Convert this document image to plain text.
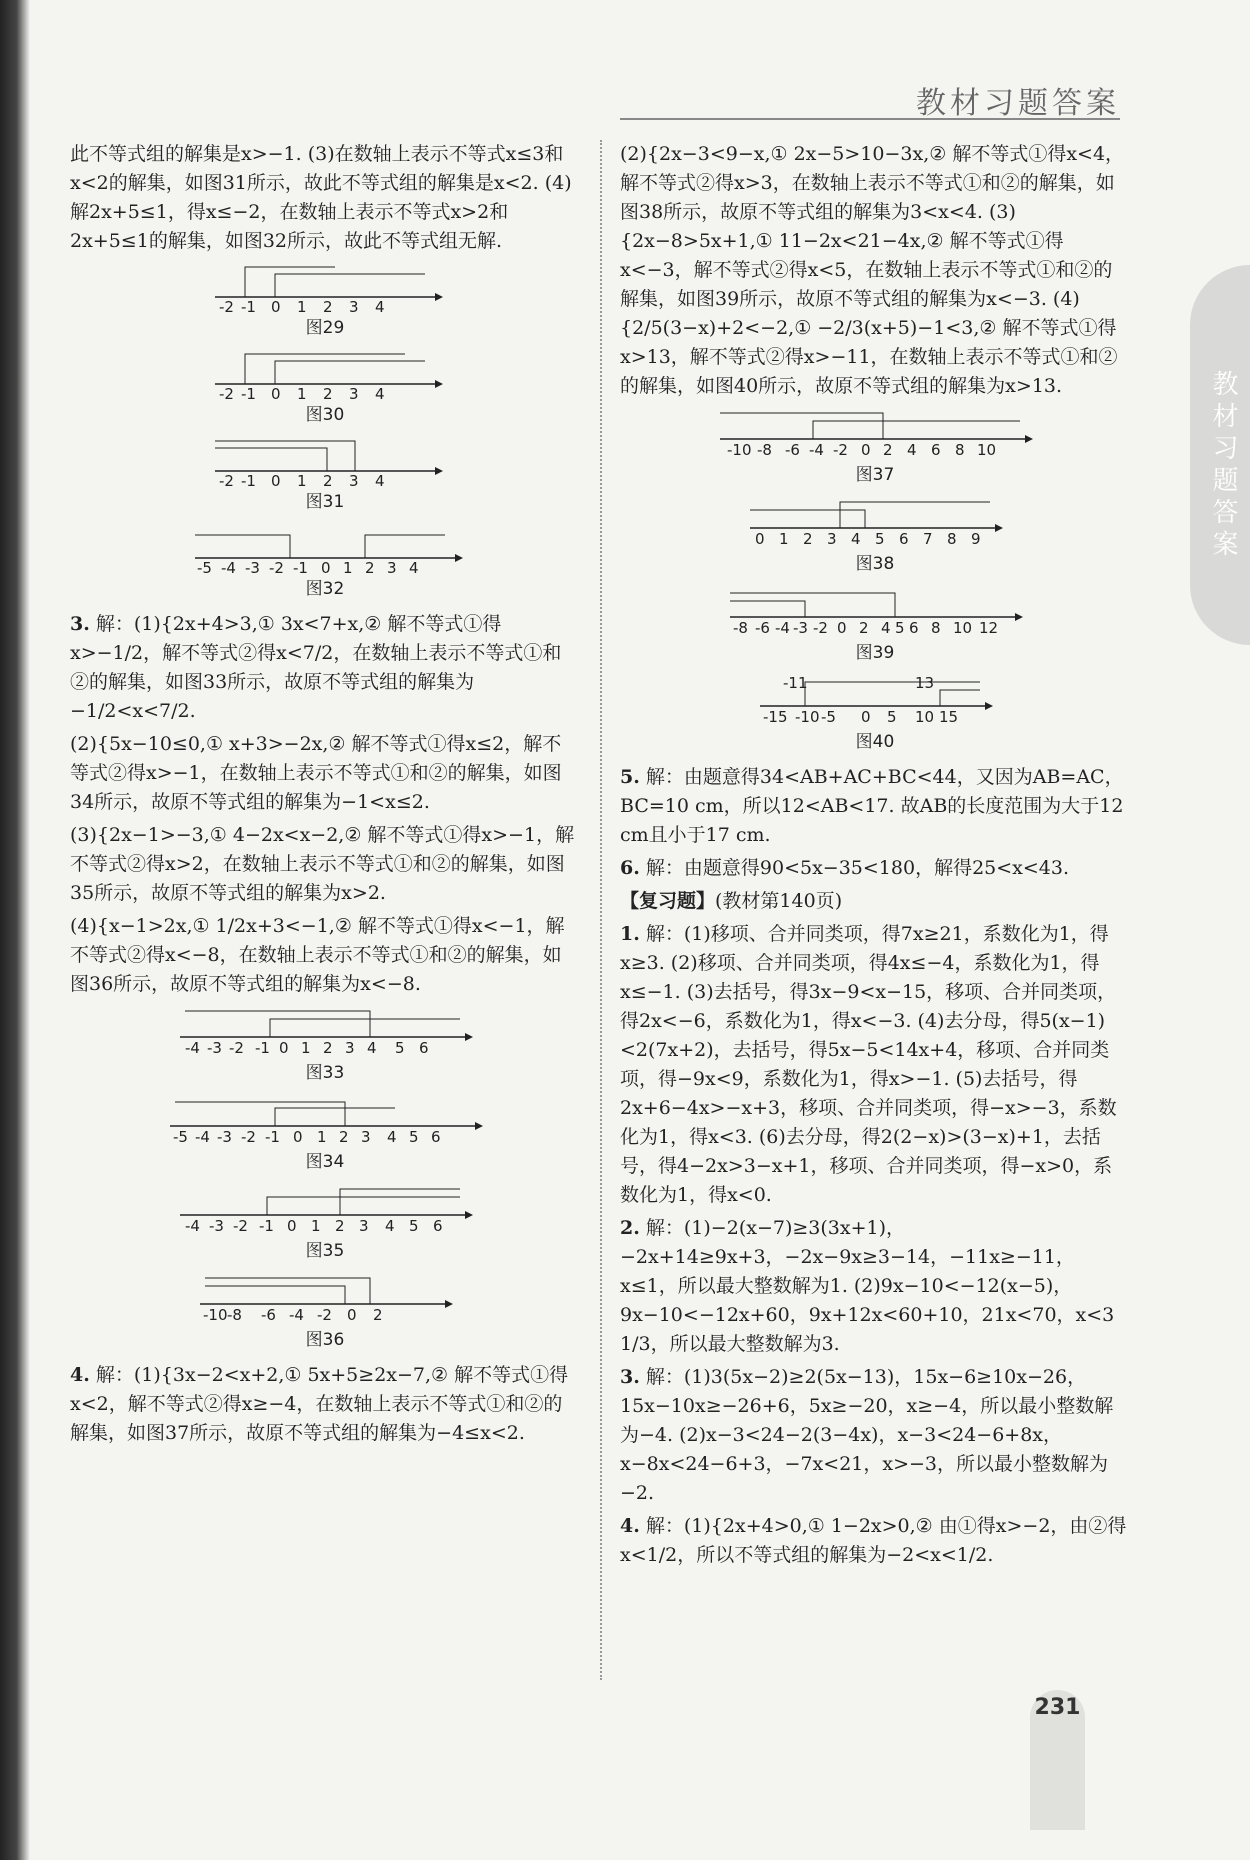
教材习题答案
教材习题答案

此不等式组的解集是x>−1. (3)在数轴上表示不等式x≤3和x<2的解集，如图31所示，故此不等式组的解集是x<2. (4)解2x+5≤1，得x≤−2，在数轴上表示不等式x>2和2x+5≤1的解集，如图32所示，故此不等式组无解.

-2 -1 0 1 2 3 4
图29
-2 -1 0 1 2 3 4
图30
-2 -1 0 1 2 3 4
图31
-5 -4 -3 -2 -1 0 1 2 3 4
图32

3. 解：(1){2x+4>3,① 3x<7+x,② 解不等式①得x>−1/2，解不等式②得x<7/2，在数轴上表示不等式①和②的解集，如图33所示，故原不等式组的解集为−1/2<x<7/2.

(2){5x−10≤0,① x+3>−2x,② 解不等式①得x≤2，解不等式②得x>−1，在数轴上表示不等式①和②的解集，如图34所示，故原不等式组的解集为−1<x≤2.

(3){2x−1>−3,① 4−2x<x−2,② 解不等式①得x>−1，解不等式②得x>2，在数轴上表示不等式①和②的解集，如图35所示，故原不等式组的解集为x>2.

(4){x−1>2x,① 1/2x+3<−1,② 解不等式①得x<−1，解不等式②得x<−8，在数轴上表示不等式①和②的解集，如图36所示，故原不等式组的解集为x<−8.

-4 -3 -2 -1 0 1 2 3 4 5 6
图33
-5 -4 -3 -2 -1 0 1 2 3 4 5 6
图34
-4 -3 -2 -1 0 1 2 3 4 5 6
图35
-10 -8 -6 -4 -2 0 2
图36

4. 解：(1){3x−2<x+2,① 5x+5≥2x−7,② 解不等式①得x<2，解不等式②得x≥−4，在数轴上表示不等式①和②的解集，如图37所示，故原不等式组的解集为−4≤x<2.

(2){2x−3<9−x,① 2x−5>10−3x,② 解不等式①得x<4，解不等式②得x>3，在数轴上表示不等式①和②的解集，如图38所示，故原不等式组的解集为3<x<4. (3){2x−8>5x+1,① 11−2x<21−4x,② 解不等式①得x<−3，解不等式②得x<5，在数轴上表示不等式①和②的解集，如图39所示，故原不等式组的解集为x<−3. (4){2/5(3−x)+2<−2,① −2/3(x+5)−1<3,② 解不等式①得x>13，解不等式②得x>−11，在数轴上表示不等式①和②的解集，如图40所示，故原不等式组的解集为x>13.

-10 -8 -6 -4 -2 0 2 4 6 8 10
图37
0 1 2 3 4 5 6 7 8 9
图38
-8 -6 -4 -3 -2 0 2 4 5 6 8 10 12
图39
-11	13
-15 -10 -5 0 5 10 15
图40

5. 解：由题意得34<AB+AC+BC<44，又因为AB=AC，BC=10 cm，所以12<AB<17. 故AB的长度范围为大于12 cm且小于17 cm.

6. 解：由题意得90<5x−35<180，解得25<x<43.

【复习题】(教材第140页)

1. 解：(1)移项、合并同类项，得7x≥21，系数化为1，得x≥3. (2)移项、合并同类项，得4x≤−4，系数化为1，得x≤−1. (3)去括号，得3x−9<x−15，移项、合并同类项，得2x<−6，系数化为1，得x<−3. (4)去分母，得5(x−1)<2(7x+2)，去括号，得5x−5<14x+4，移项、合并同类项，得−9x<9，系数化为1，得x>−1. (5)去括号，得2x+6−4x>−x+3，移项、合并同类项，得−x>−3，系数化为1，得x<3. (6)去分母，得2(2−x)>(3−x)+1，去括号，得4−2x>3−x+1，移项、合并同类项，得−x>0，系数化为1，得x<0.

2. 解：(1)−2(x−7)≥3(3x+1)，−2x+14≥9x+3，−2x−9x≥3−14，−11x≥−11，x≤1，所以最大整数解为1. (2)9x−10<−12(x−5)，9x−10<−12x+60，9x+12x<60+10，21x<70，x<3 1/3，所以最大整数解为3.

3. 解：(1)3(5x−2)≥2(5x−13)，15x−6≥10x−26，15x−10x≥−26+6，5x≥−20，x≥−4，所以最小整数解为−4. (2)x−3<24−2(3−4x)，x−3<24−6+8x，x−8x<24−6+3，−7x<21，x>−3，所以最小整数解为−2.

4. 解：(1){2x+4>0,① 1−2x>0,② 由①得x>−2，由②得x<1/2，所以不等式组的解集为−2<x<1/2.

231
